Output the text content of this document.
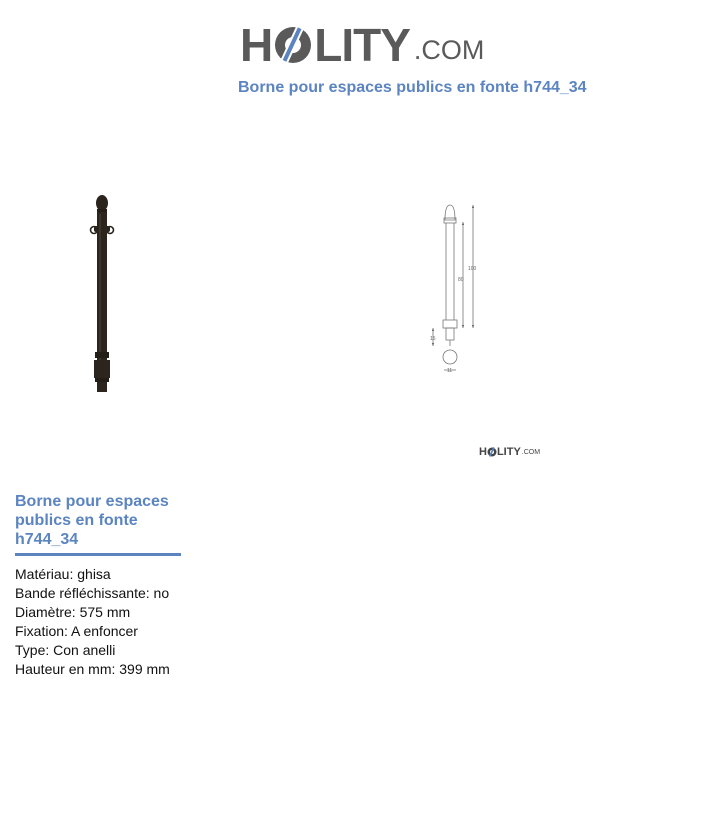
H LITY .COM
Borne pour espaces publics en fonte h744_34
100
80
15
11
H LITY .COM
Borne pour espaces publics en fonte h744_34
Matériau: ghisa
Bande réfléchissante: no
Diamètre: 575 mm
Fixation: A enfoncer
Type: Con anelli
Hauteur en mm: 399 mm
